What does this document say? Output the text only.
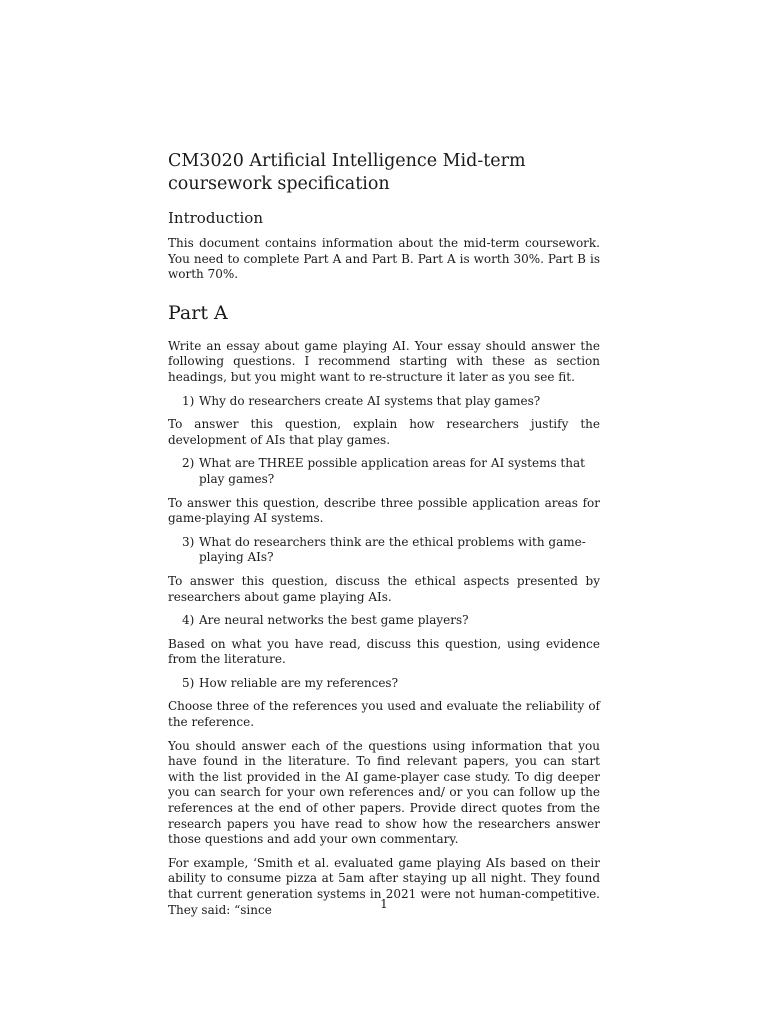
CM3020 Artificial Intelligence Mid-term coursework specification
Introduction

This document contains information about the mid-term coursework. You need to complete Part A and Part B. Part A is worth 30%. Part B is worth 70%.

Part A

Write an essay about game playing AI. Your essay should answer the following questions. I recommend starting with these as section headings, but you might want to re-structure it later as you see fit.

1) Why do researchers create AI systems that play games?

To answer this question, explain how researchers justify the development of AIs that play games.

2) What are THREE possible application areas for AI systems that play games?

To answer this question, describe three possible application areas for game-playing AI systems.

3) What do researchers think are the ethical problems with game-playing AIs?

To answer this question, discuss the ethical aspects presented by researchers about game playing AIs.

4) Are neural networks the best game players?

Based on what you have read, discuss this question, using evidence from the literature.

5) How reliable are my references?

Choose three of the references you used and evaluate the reliability of the reference.

You should answer each of the questions using information that you have found in the literature. To find relevant papers, you can start with the list provided in the AI game-player case study. To dig deeper you can search for your own references and/ or you can follow up the references at the end of other papers. Provide direct quotes from the research papers you have read to show how the researchers answer those questions and add your own commentary.

For example, ‘Smith et al. evaluated game playing AIs based on their ability to consume pizza at 5am after staying up all night. They found that current generation systems in 2021 were not human-competitive. They said: “since	1
